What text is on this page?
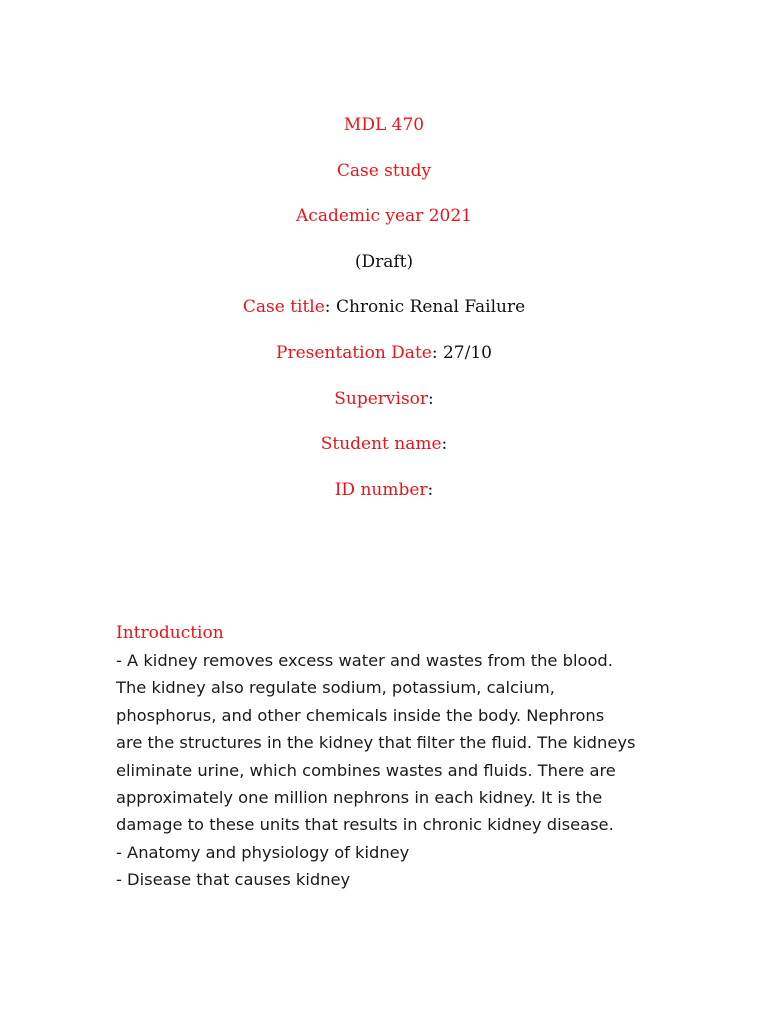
MDL 470
Case study
Academic year 2021
(Draft)
Case title: Chronic Renal Failure
Presentation Date: 27/10
Supervisor:
Student name:
ID number:
Introduction
- A kidney removes excess water and wastes from the blood.
The kidney also regulate sodium, potassium, calcium,
phosphorus, and other chemicals inside the body. Nephrons
are the structures in the kidney that filter the fluid. The kidneys
eliminate urine, which combines wastes and fluids. There are
approximately one million nephrons in each kidney. It is the
damage to these units that results in chronic kidney disease.
- Anatomy and physiology of kidney
- Disease that causes kidney
